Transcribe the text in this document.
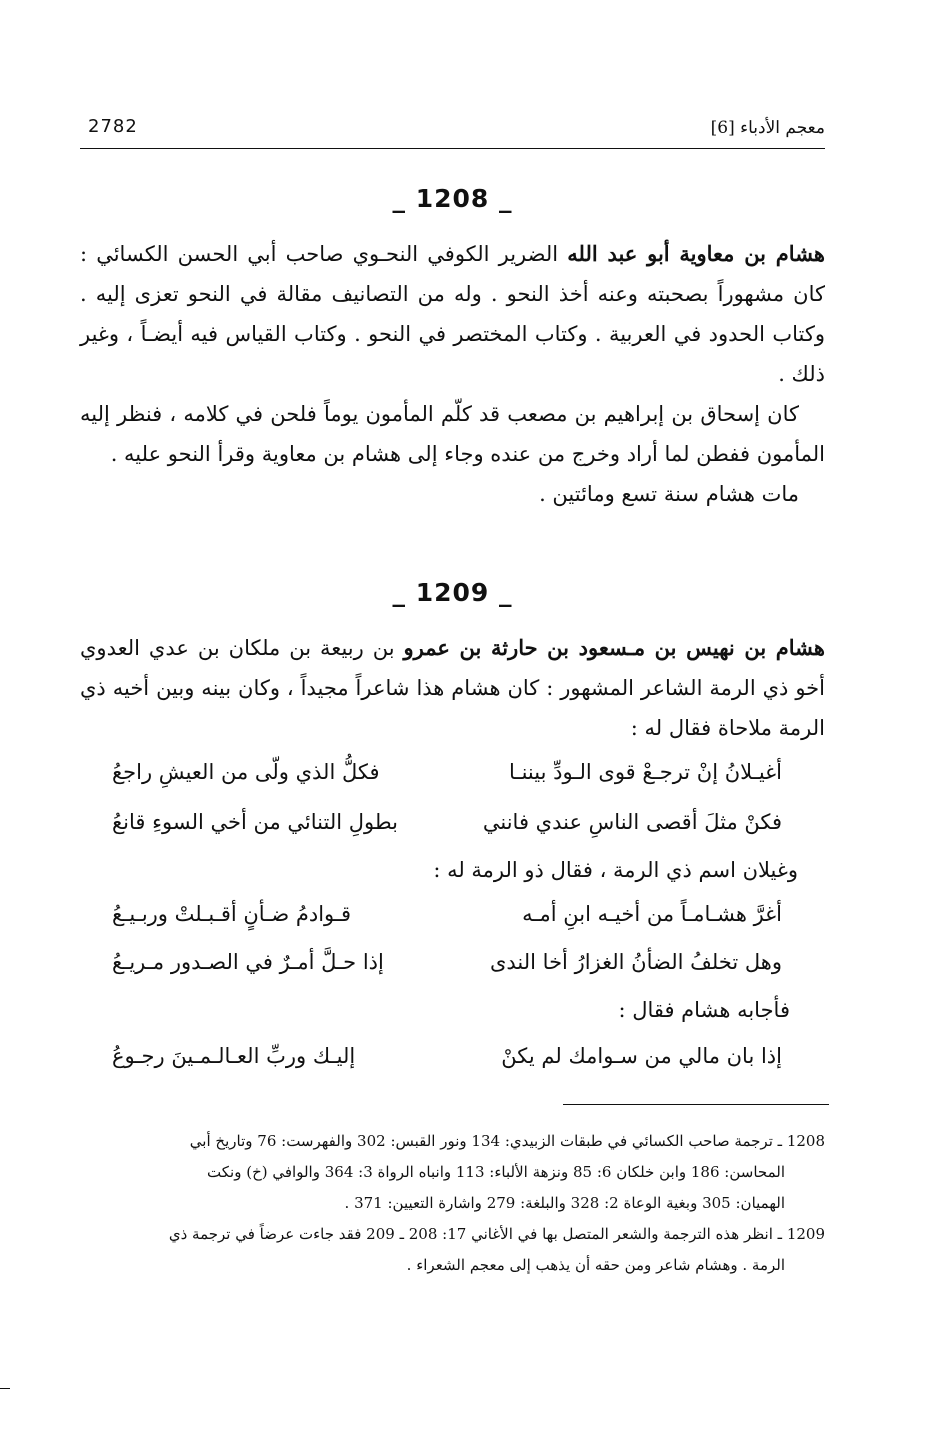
معجم الأدباء [6]
2782
_ 1208 _

هشام بن معاوية أبو عبد الله الضرير الكوفي النحـوي صاحب أبي الحسن الكسائي : كان مشهوراً بصحبته وعنه أخذ النحو . وله من التصانيف مقالة في النحو تعزى إليه . وكتاب الحدود في العربية . وكتاب المختصر في النحو . وكتاب القياس فيه أيضـاً ، وغير ذلك .

كان إسحاق بن إبراهيم بن مصعب قد كلّم المأمون يوماً فلحن في كلامه ، فنظر إليه المأمون ففطن لما أراد وخرج من عنده وجاء إلى هشام بن معاوية وقرأ النحو عليه .

مات هشام سنة تسع ومائتين .

_ 1209 _

هشام بن نهيس بن مـسعود بن حارثة بن عمرو بن ربيعة بن ملكان بن عدي العدوي أخو ذي الرمة الشاعر المشهور : كان هشام هذا شاعراً مجيداً ، وكان بينه وبين أخيه ذي الرمة ملاحاة فقال له :

أغيـلانُ إنْ ترجـعْ قوى الـودِّ بيننـا
فكلُّ الذي ولّى من العيشِ راجعُ
فكنْ مثلَ أقصى الناسِ عندي فانني
بطولِ التنائي من أخي السوءِ قانعُ
وغيلان اسم ذي الرمة ، فقال ذو الرمة له :
أغرَّ هشـامـاً من أخيـه ابنِ أمـه
قـوادمُ ضـأنٍ أقـبـلتْ وربـيـعُ
وهل تخلفُ الضأنُ الغزارُ أخا الندى
إذا حـلَّ أمـرٌ في الصـدور مـريـعُ
فأجابه هشام فقال :
إذا بان مالي من سـوامك لم يكنْ
إليـك وربِّ العـالـمـينَ رجـوعُ

1208 ـ ترجمة صاحب الكسائي في طبقات الزبيدي: 134 ونور القبس: 302 والفهرست: 76 وتاريخ أبي

المحاسن: 186 وابن خلكان 6: 85 ونزهة الألباء: 113 وانباه الرواة 3: 364 والوافي (خ) ونكت

الهميان: 305 وبغية الوعاة 2: 328 والبلغة: 279 واشارة التعيين: 371 .

1209 ـ انظر هذه الترجمة والشعر المتصل بها في الأغاني 17: 208 ـ 209 فقد جاءت عرضاً في ترجمة ذي

الرمة . وهشام شاعر ومن حقه أن يذهب إلى معجم الشعراء .
